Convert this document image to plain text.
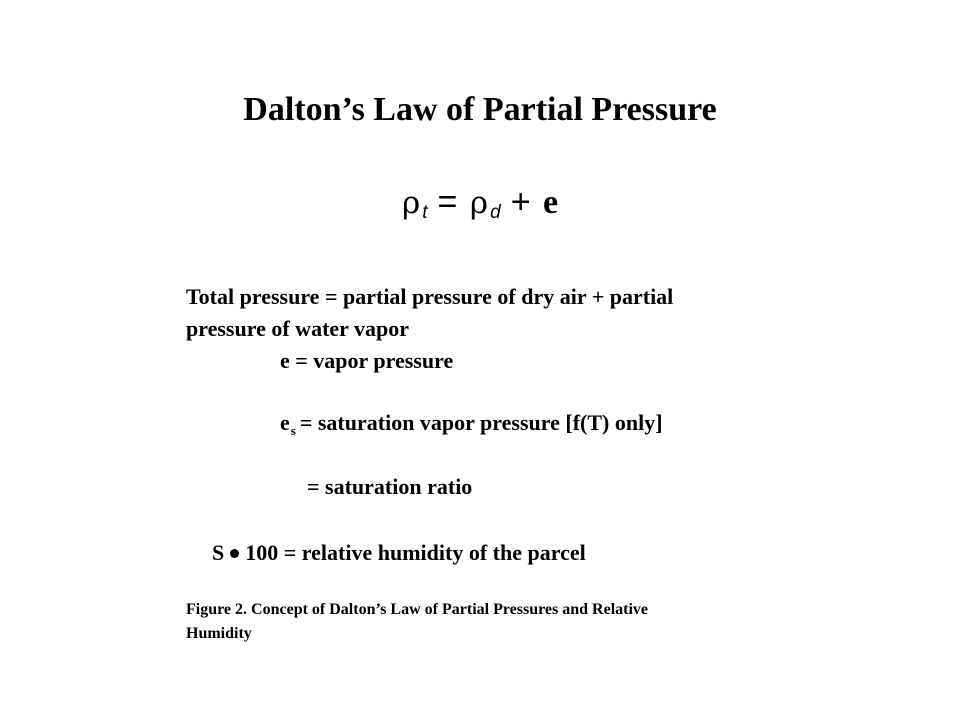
Dalton’s Law of Partial Pressure
ρt = ρ d + e
Total pressure = partial pressure of dry air + partial
pressure of water vapor
e = vapor pressure
$e_s$ = saturation vapor pressure [f(T) only]
= saturation ratio
S 100 = relative humidity of the parcel
Figure 2. Concept of Dalton’s Law of Partial Pressures and Relative
Humidity
